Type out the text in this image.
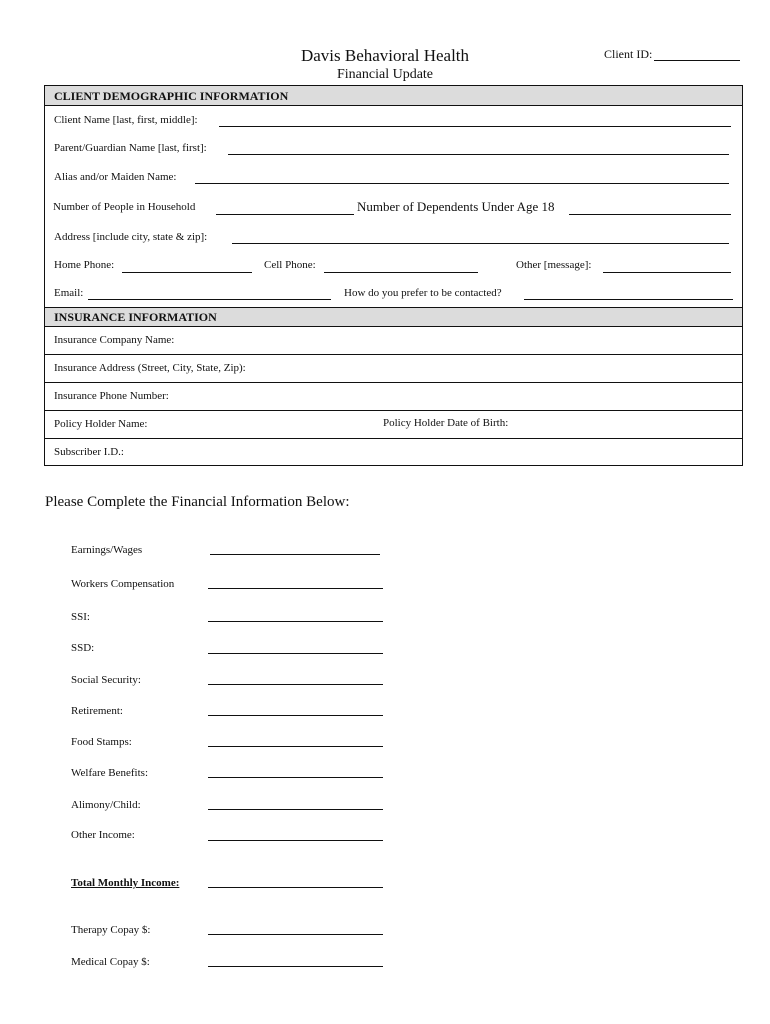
Davis Behavioral Health
Financial Update
Client ID:
CLIENT DEMOGRAPHIC INFORMATION
Client Name [last, first, middle]:
Parent/Guardian Name [last, first]:
Alias and/or Maiden Name:
Number of People in Household	Number of Dependents Under Age 18
Address [include city, state & zip]:
Home Phone:	Cell Phone:	Other [message]:
Email:	How do you prefer to be contacted?
INSURANCE INFORMATION
Insurance Company Name:
Insurance Address (Street, City, State, Zip):
Insurance Phone Number:
Policy Holder Name:	Policy Holder Date of Birth:
Subscriber I.D.:
Please Complete the Financial Information Below:
Earnings/Wages
Workers Compensation
SSI:
SSD:
Social Security:
Retirement:
Food Stamps:
Welfare Benefits:
Alimony/Child:
Other Income:
Total Monthly Income:
Therapy Copay $:
Medical Copay $:
